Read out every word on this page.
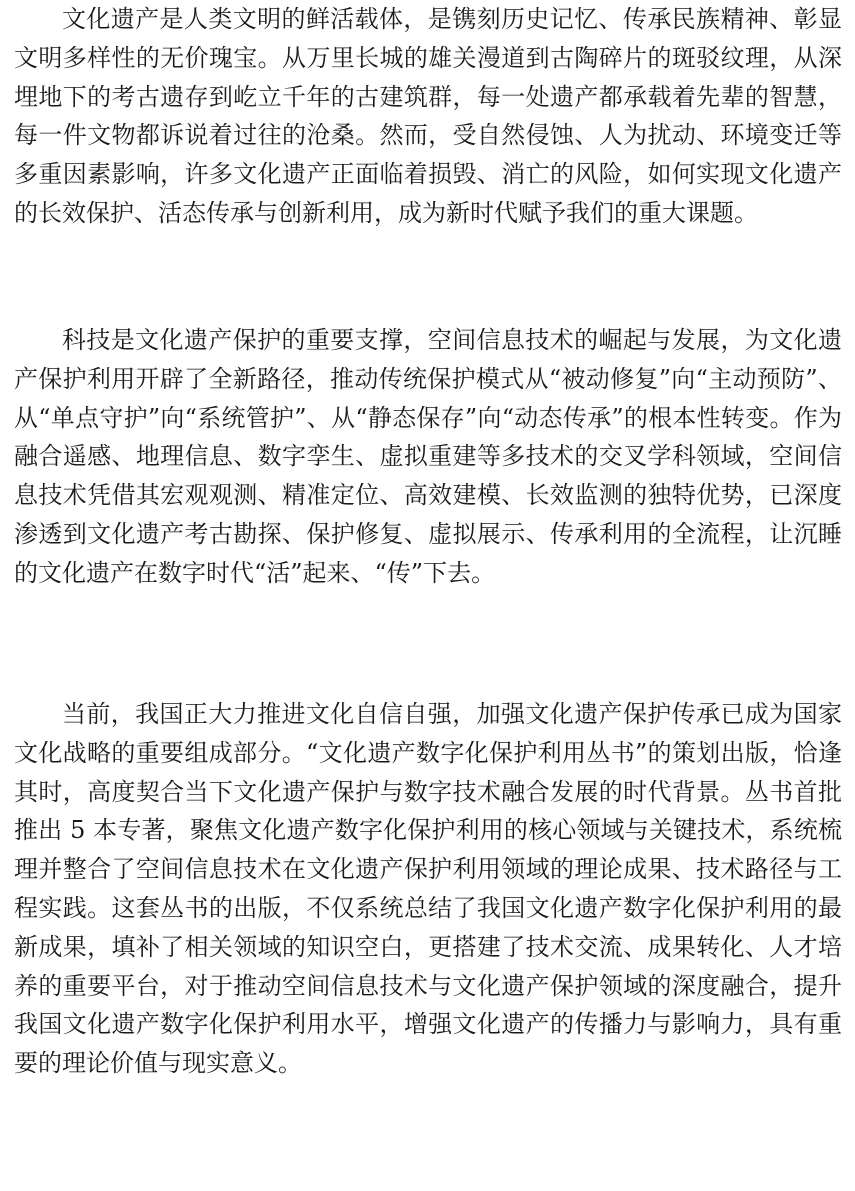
文化遗产是人类文明的鲜活载体，是镌刻历史记忆、传承民族精神、彰显文明多样性的无价瑰宝。从万里长城的雄关漫道到古陶碎片的斑驳纹理，从深埋地下的考古遗存到屹立千年的古建筑群，每一处遗产都承载着先辈的智慧，每一件文物都诉说着过往的沧桑。然而，受自然侵蚀、人为扰动、环境变迁等多重因素影响，许多文化遗产正面临着损毁、消亡的风险，如何实现文化遗产的长效保护、活态传承与创新利用，成为新时代赋予我们的重大课题。

科技是文化遗产保护的重要支撑，空间信息技术的崛起与发展，为文化遗产保护利用开辟了全新路径，推动传统保护模式从“被动修复”向“主动预防”、从“单点守护”向“系统管护”、从“静态保存”向“动态传承”的根本性转变。作为融合遥感、地理信息、数字孪生、虚拟重建等多技术的交叉学科领域，空间信息技术凭借其宏观观测、精准定位、高效建模、长效监测的独特优势，已深度渗透到文化遗产考古勘探、保护修复、虚拟展示、传承利用的全流程，让沉睡的文化遗产在数字时代“活”起来、“传”下去。

当前，我国正大力推进文化自信自强，加强文化遗产保护传承已成为国家文化战略的重要组成部分。“文化遗产数字化保护利用丛书”的策划出版，恰逢其时，高度契合当下文化遗产保护与数字技术融合发展的时代背景。丛书首批推出 5 本专著，聚焦文化遗产数字化保护利用的核心领域与关键技术，系统梳理并整合了空间信息技术在文化遗产保护利用领域的理论成果、技术路径与工程实践。这套丛书的出版，不仅系统总结了我国文化遗产数字化保护利用的最新成果，填补了相关领域的知识空白，更搭建了技术交流、成果转化、人才培养的重要平台，对于推动空间信息技术与文化遗产保护领域的深度融合，提升我国文化遗产数字化保护利用水平，增强文化遗产的传播力与影响力，具有重要的理论价值与现实意义。
